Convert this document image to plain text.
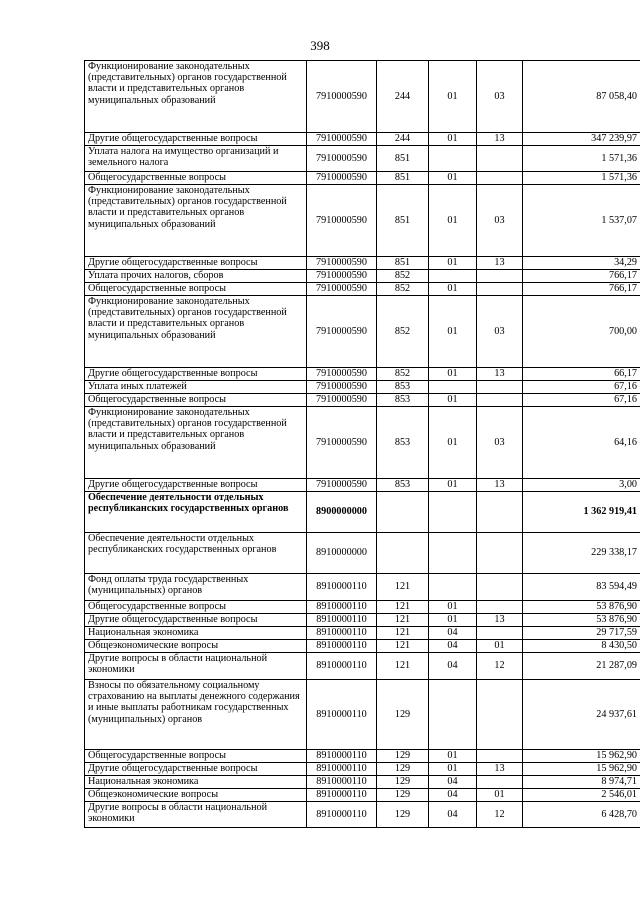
398
Функционирование законодательных (представительных) органов государственной власти и представительных органов муниципальных образований	7910000590	244	01	03	87 058,40
Другие общегосударственные вопросы	7910000590	244	01	13	347 239,97
Уплата налога на имущество организаций и земельного налога	7910000590	851			1 571,36
Общегосударственные вопросы	7910000590	851	01		1 571,36
Функционирование законодательных (представительных) органов государственной власти и представительных органов муниципальных образований	7910000590	851	01	03	1 537,07
Другие общегосударственные вопросы	7910000590	851	01	13	34,29
Уплата прочих налогов, сборов	7910000590	852			766,17
Общегосударственные вопросы	7910000590	852	01		766,17
Функционирование законодательных (представительных) органов государственной власти и представительных органов муниципальных образований	7910000590	852	01	03	700,00
Другие общегосударственные вопросы	7910000590	852	01	13	66,17
Уплата иных платежей	7910000590	853			67,16
Общегосударственные вопросы	7910000590	853	01		67,16
Функционирование законодательных (представительных) органов государственной власти и представительных органов муниципальных образований	7910000590	853	01	03	64,16
Другие общегосударственные вопросы	7910000590	853	01	13	3,00
Обеспечение деятельности отдельных республиканских государственных органов	8900000000				1 362 919,41
Обеспечение деятельности отдельных республиканских государственных органов	8910000000				229 338,17
Фонд оплаты труда государственных (муниципальных) органов	8910000110	121			83 594,49
Общегосударственные вопросы	8910000110	121	01		53 876,90
Другие общегосударственные вопросы	8910000110	121	01	13	53 876,90
Национальная экономика	8910000110	121	04		29 717,59
Общеэкономические вопросы	8910000110	121	04	01	8 430,50
Другие вопросы в области национальной экономики	8910000110	121	04	12	21 287,09
Взносы по обязательному социальному страхованию на выплаты денежного содержания и иные выплаты работникам государственных (муниципальных) органов	8910000110	129			24 937,61
Общегосударственные вопросы	8910000110	129	01		15 962,90
Другие общегосударственные вопросы	8910000110	129	01	13	15 962,90
Национальная экономика	8910000110	129	04		8 974,71
Общеэкономические вопросы	8910000110	129	04	01	2 546,01
Другие вопросы в области национальной экономики	8910000110	129	04	12	6 428,70
